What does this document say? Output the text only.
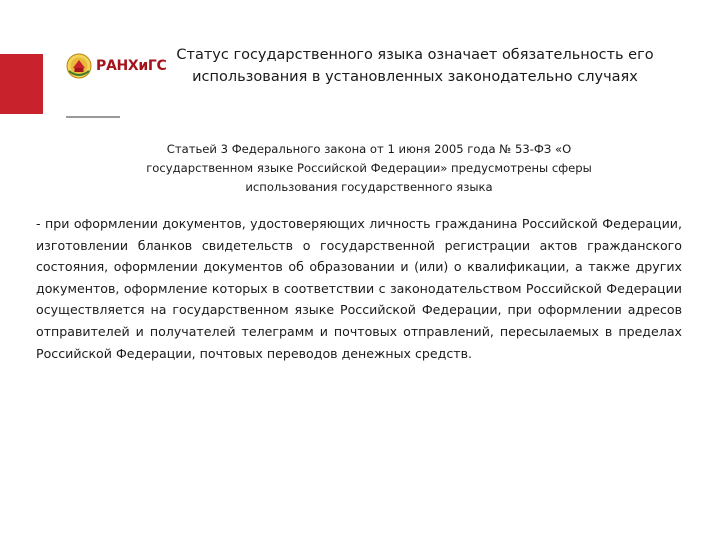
РАНХиГС
Статус государственного языка означает обязательность его использования в установленных законодательно случаях

Статьей 3 Федерального закона от 1 июня 2005 года № 53-ФЗ «О государственном языке Российской Федерации» предусмотрены сферы использования государственного языка

- при оформлении документов, удостоверяющих личность гражданина Российской Федерации, изготовлении бланков свидетельств о государственной регистрации актов гражданского состояния, оформлении документов об образовании и (или) о квалификации, а также других документов, оформление которых в соответствии с законодательством Российской Федерации осуществляется на государственном языке Российской Федерации, при оформлении адресов отправителей и получателей телеграмм и почтовых отправлений, пересылаемых в пределах Российской Федерации, почтовых переводов денежных средств.
